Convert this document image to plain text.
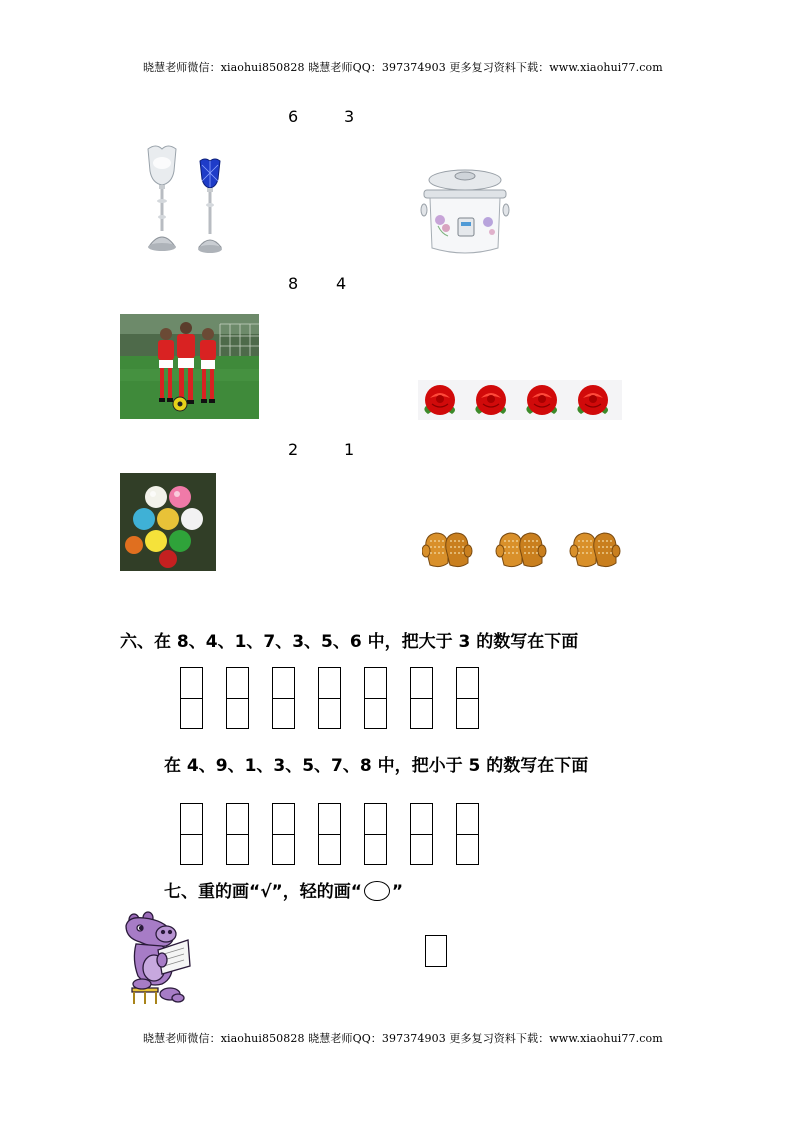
晓慧老师微信：xiaohui850828 晓慧老师QQ：397374903 更多复习资料下载：www.xiaohui77.com
6	3
8 4
2	1
六、在 8、4、1、7、3、5、6 中，把大于 3 的数写在下面
在 4、9、1、3、5、7、8 中，把小于 5 的数写在下面
七、重的画“√”，轻的画“ ○ ”
晓慧老师微信：xiaohui850828 晓慧老师QQ：397374903 更多复习资料下载：www.xiaohui77.com
